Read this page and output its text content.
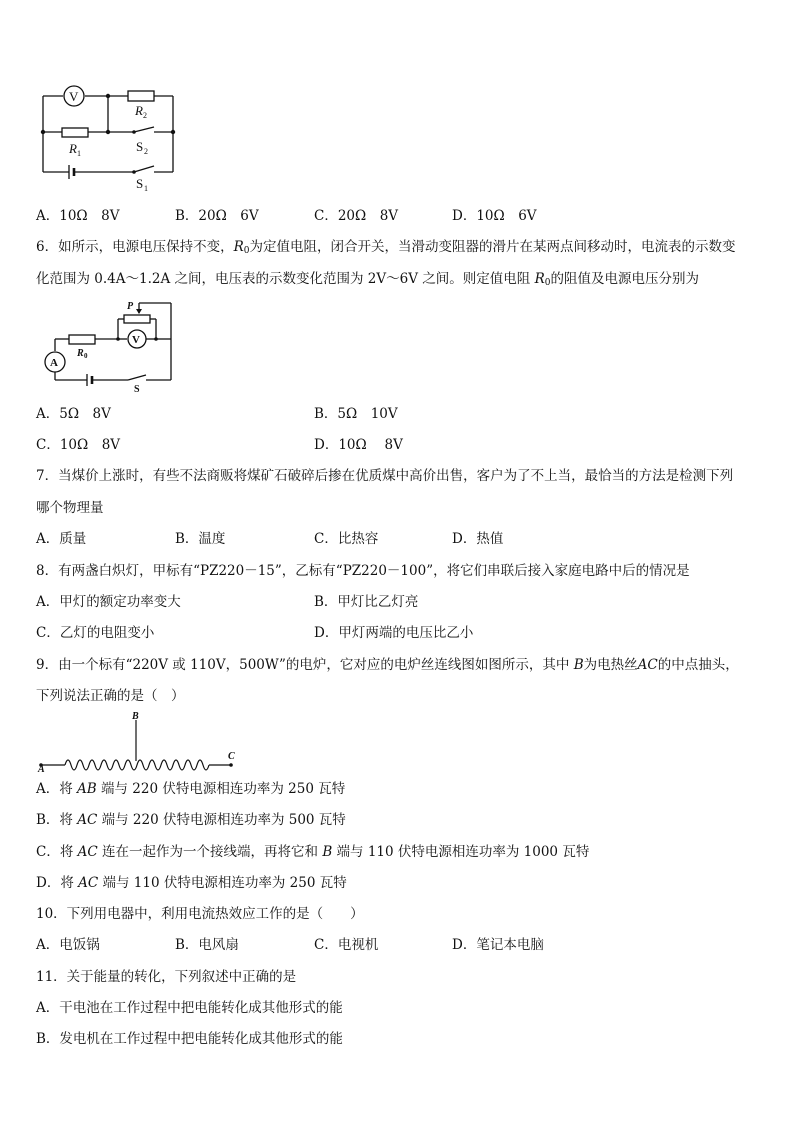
V
R 2
R 1	S 2
S 1
A．10Ω　8V	B．20Ω　6V	C．20Ω　8V	D．10Ω　6V
6．如所示，电源电压保持不变，$R_0$为定值电阻，闭合开关，当滑动变阻器的滑片在某两点间移动时，电流表的示数变
化范围为 0.4A～1.2A 之间，电压表的示数变化范围为 2V～6V 之间。则定值电阻 $R_0$的阻值及电源电压分别为
P
V
A
R 0
S
A．5Ω　8V	B．5Ω　10V
C．10Ω　8V	D．10Ω　 8V
7．当煤价上涨时，有些不法商贩将煤矿石破碎后掺在优质煤中高价出售，客户为了不上当，最恰当的方法是检测下列
哪个物理量
A．质量	B．温度	C．比热容	D．热值
8．有两盏白炽灯，甲标有“PZ220－15”，乙标有“PZ220－100”，将它们串联后接入家庭电路中后的情况是
A．甲灯的额定功率变大	B．甲灯比乙灯亮
C．乙灯的电阻变小	D．甲灯两端的电压比乙小
9．由一个标有“220V 或 110V，500W”的电炉，它对应的电炉丝连线图如图所示，其中 B为电热丝AC的中点抽头，
下列说法正确的是（　）
A
B
C
A．将 AB 端与 220 伏特电源相连功率为 250 瓦特
B．将 AC 端与 220 伏特电源相连功率为 500 瓦特
C．将 AC 连在一起作为一个接线端，再将它和 B 端与 110 伏特电源相连功率为 1000 瓦特
D．将 AC 端与 110 伏特电源相连功率为 250 瓦特
10．下列用电器中，利用电流热效应工作的是（　　）
A．电饭锅	B．电风扇	C．电视机	D．笔记本电脑
11．关于能量的转化，下列叙述中正确的是
A．干电池在工作过程中把电能转化成其他形式的能
B．发电机在工作过程中把电能转化成其他形式的能
